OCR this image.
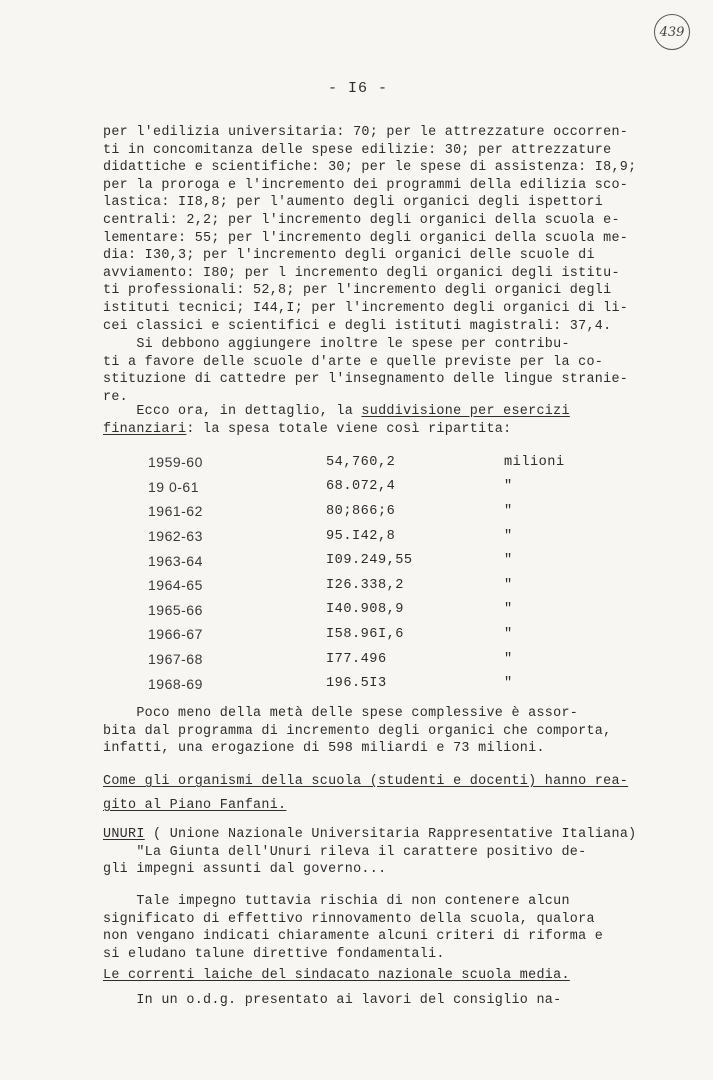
439
- I6 -
per l'edilizia universitaria: 70; per le attrezzature occorren-
ti in concomitanza delle spese edilizie: 30; per attrezzature
didattiche e scientifiche: 30; per le spese di assistenza: I8,9;
per la proroga e l'incremento dei programmi della edilizia sco-
lastica: II8,8; per l'aumento degli organici degli ispettori
centrali: 2,2; per l'incremento degli organici della scuola e-
lementare: 55; per l'incremento degli organici della scuola me-
dia: I30,3; per l'incremento degli organici delle scuole di
avviamento: I80; per l incremento degli organici degli istitu-
ti professionali: 52,8; per l'incremento degli organici degli
istituti tecnici; I44,I; per l'incremento degli organici di li-
cei classici e scientifici e degli istituti magistrali: 37,4.
Si debbono aggiungere inoltre le spese per contribu-
ti a favore delle scuole d'arte e quelle previste per la co-
stituzione di cattedre per l'insegnamento delle lingue stranie-
re.
Ecco ora, in dettaglio, la suddivisione per esercizi
finanziari: la spesa totale viene così ripartita:
1959-60	54,760,2	milioni
19 0-61	68.072,4	"
1961-62	80;866;6	"
1962-63	95.I42,8	"
1963-64	I09.249,55	"
1964-65	I26.338,2	"
1965-66	I40.908,9	"
1966-67	I58.96I,6	"
1967-68	I77.496	"
1968-69	196.5I3	"
Poco meno della metà delle spese complessive è assor-
bita dal programma di incremento degli organici che comporta,
infatti, una erogazione di 598 miliardi e 73 milioni.
Come gli organismi della scuola (studenti e docenti) hanno rea-
gito al Piano Fanfani.
UNURI ( Unione Nazionale Universitaria Rappresentative Italiana)
"La Giunta dell'Unuri rileva il carattere positivo de-
gli impegni assunti dal governo...
Tale impegno tuttavia rischia di non contenere alcun
significato di effettivo rinnovamento della scuola, qualora
non vengano indicati chiaramente alcuni criteri di riforma e
si eludano talune direttive fondamentali.
Le correnti laiche del sindacato nazionale scuola media.
In un o.d.g. presentato ai lavori del consiglio na-
